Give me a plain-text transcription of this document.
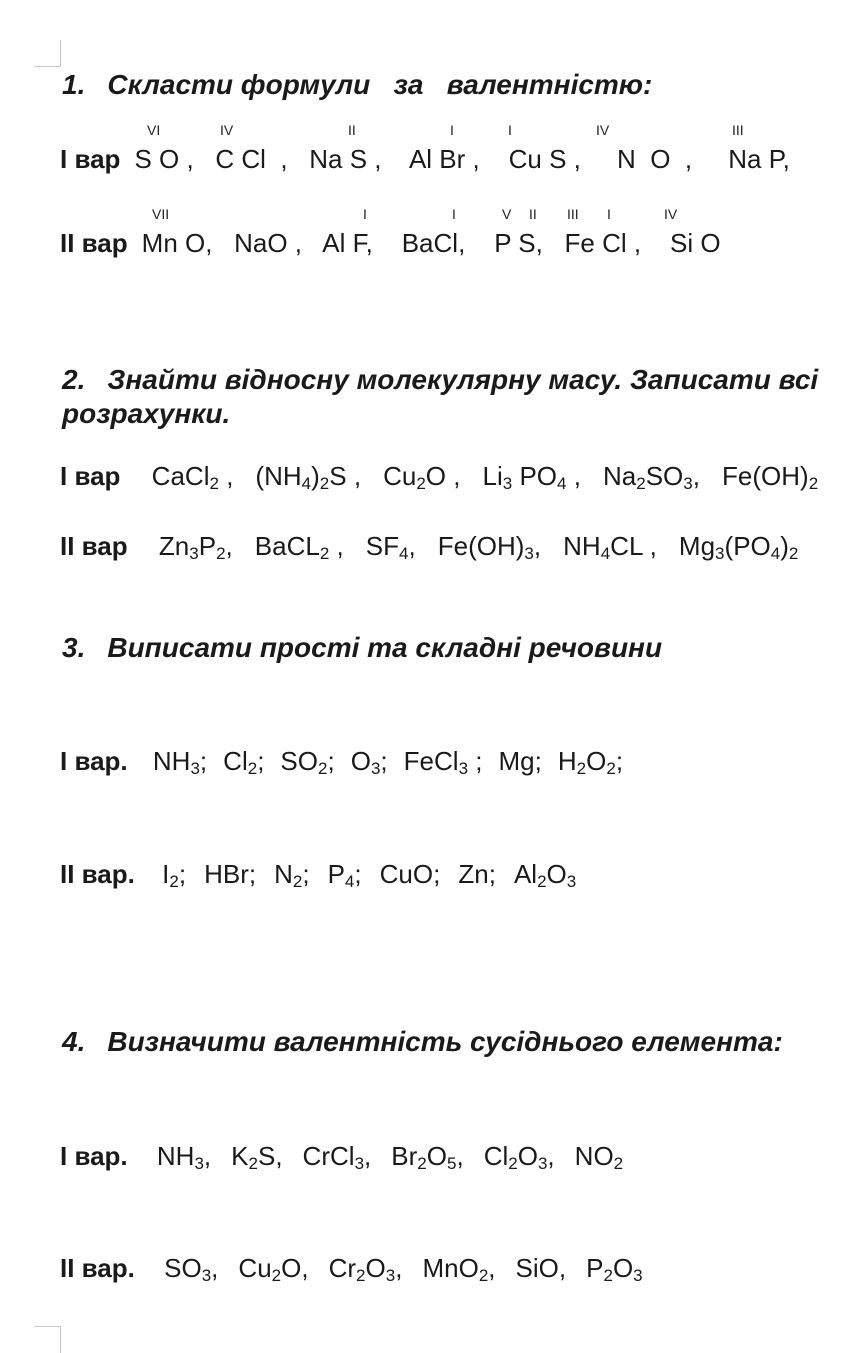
1. Скласти формули   за   валентністю:
VI	IV	II	I	I	IV	III
I вар S O ,   C Cl  ,   Na S ,    Al Br ,    Cu S ,     N  O  ,     Na P,
VII	I	I	V II III I	IV
II вар Mn O,   NaO ,   Al F,    BaCl,    P S,   Fe Cl ,    Si O
2. Знайти відносну молекулярну масу. Записати всі розрахунки.
I вар CaCl$_2$ , $(NH_4)_2S$ , $Cu_2O$ , $Li_3$ $PO_4$ , $Na_2SO_3$, $Fe(OH)_2$
II вар $Zn_3P_2$, BaCL$_2$ , $SF_4$, $Fe(OH)_3$, $NH_4CL$ , $Mg_3(PO_4)_2$
3. Виписати прості та складні речовини
I вар. $NH_3$; $Cl_2$; $SO_2$; $O_3$; FeCl$_3$ ; Mg; $H_2O_2$;
II вар. $I_2$; HBr; $N_2$; $P_4$; CuO; Zn; $Al_2O_3$
4. Визначити валентність сусіднього елемента:
I вар. $NH_3$, $K_2S$, CrCl$_3$, $Br_2O_5$, $Cl_2O_3$, $NO_2$
II вар. $SO_3$, $Cu_2O$, $Cr_2O_3$, MnO$_2$, SiO, $P_2O_3$
